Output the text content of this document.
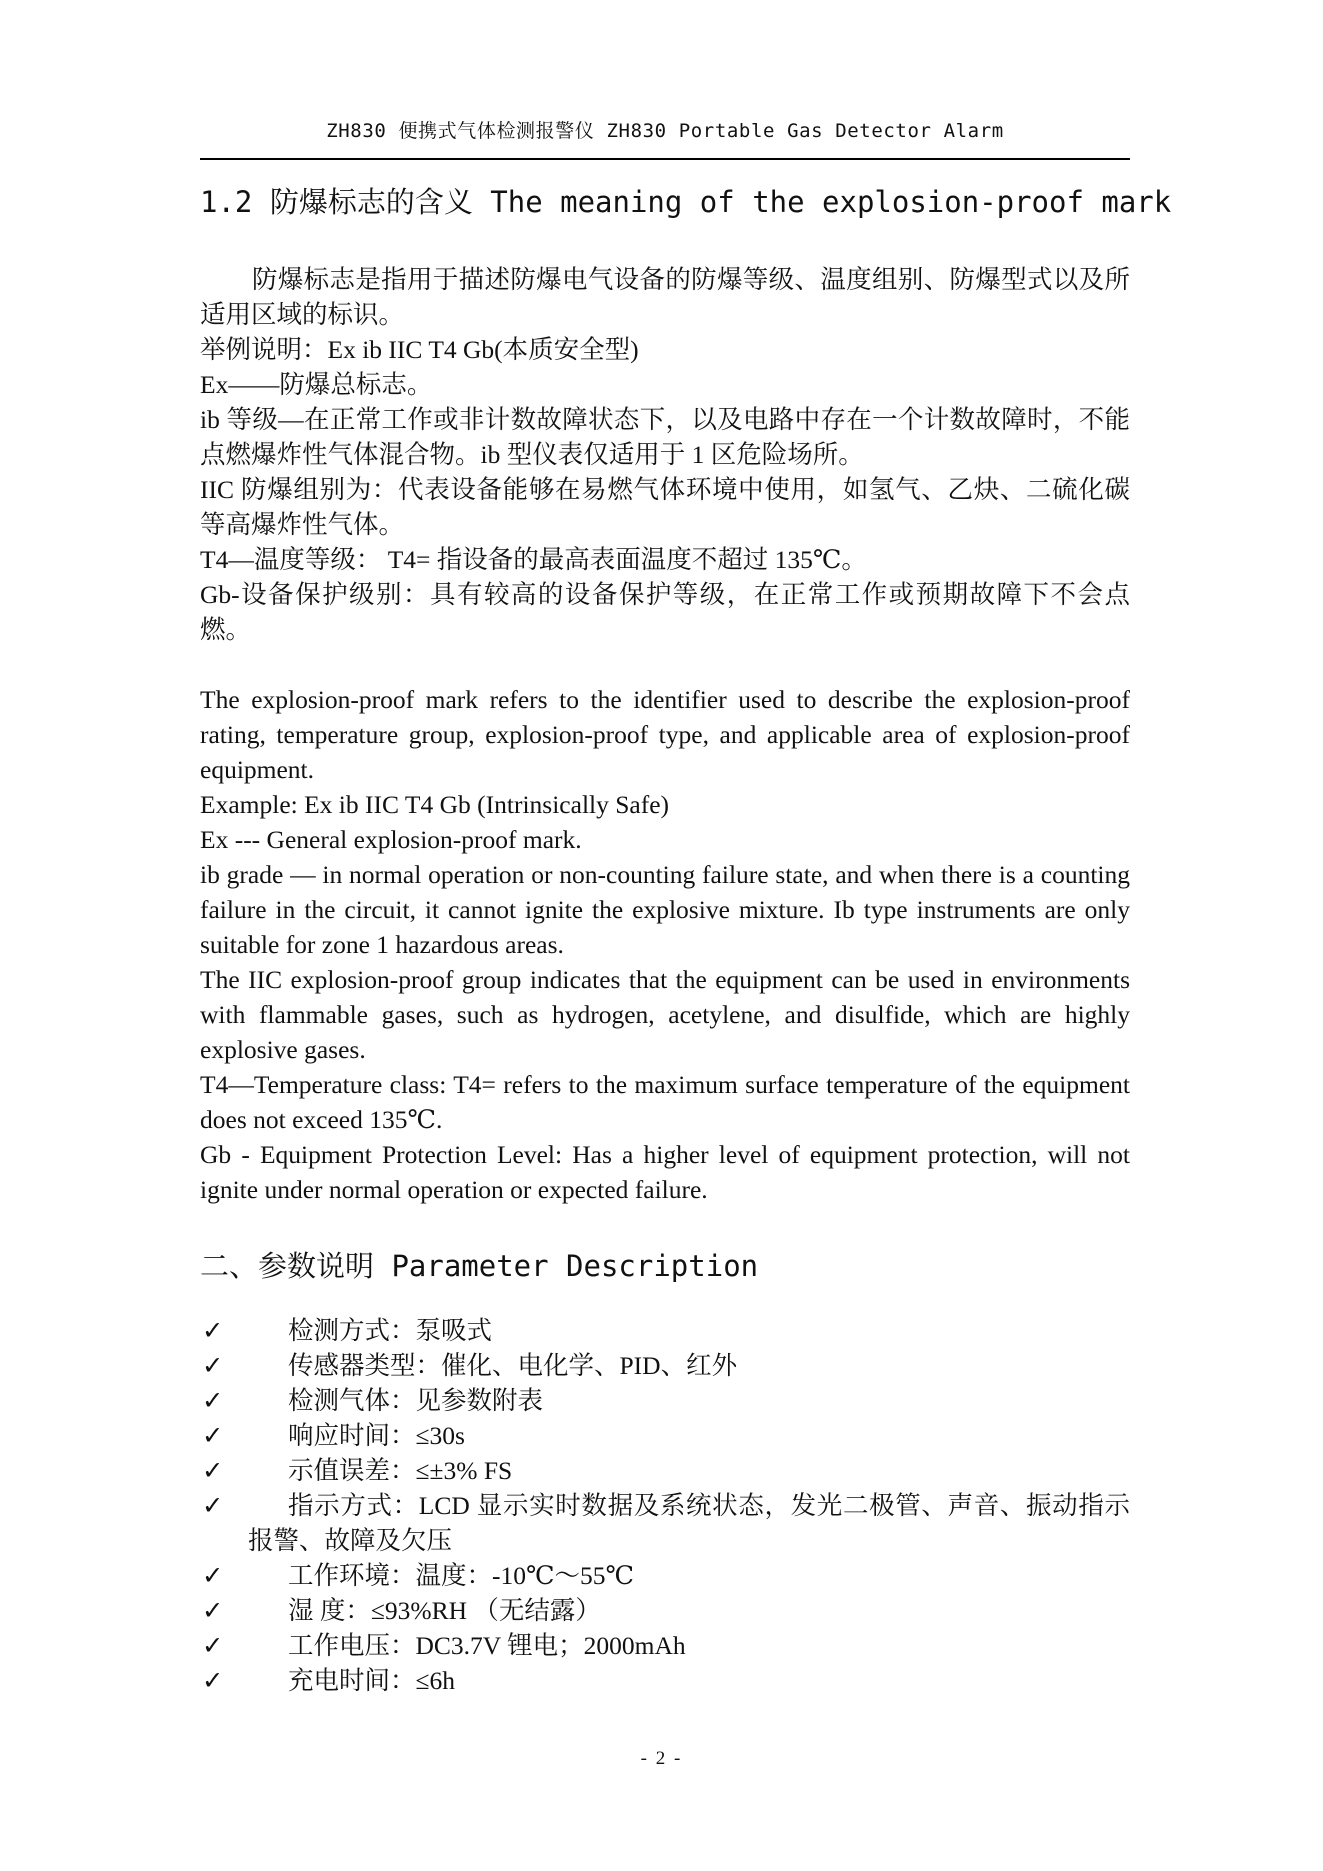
ZH830 便携式气体检测报警仪 ZH830 Portable Gas Detector Alarm
1.2 防爆标志的含义 The meaning of the explosion-proof mark

防爆标志是指用于描述防爆电气设备的防爆等级、温度组别、防爆型式以及所适用区域的标识。

举例说明：Ex ib IIC T4 Gb(本质安全型)

Ex——防爆总标志。

ib 等级—在正常工作或非计数故障状态下，以及电路中存在一个计数故障时，不能点燃爆炸性气体混合物。ib 型仪表仅适用于 1 区危险场所。

IIC 防爆组别为：代表设备能够在易燃气体环境中使用，如氢气、乙炔、二硫化碳等高爆炸性气体。

T4—温度等级： T4= 指设备的最高表面温度不超过 135℃。

Gb-设备保护级别：具有较高的设备保护等级，在正常工作或预期故障下不会点燃。

The explosion-proof mark refers to the identifier used to describe the explosion-proof rating, temperature group, explosion-proof type, and applicable area of explosion-proof equipment.

Example: Ex ib IIC T4 Gb (Intrinsically Safe)

Ex --- General explosion-proof mark.

ib grade — in normal operation or non-counting failure state, and when there is a counting failure in the circuit, it cannot ignite the explosive mixture. Ib type instruments are only suitable for zone 1 hazardous areas.

The IIC explosion-proof group indicates that the equipment can be used in environments with flammable gases, such as hydrogen, acetylene, and disulfide, which are highly explosive gases.

T4—Temperature class: T4= refers to the maximum surface temperature of the equipment does not exceed 135℃.

Gb - Equipment Protection Level: Has a higher level of equipment protection, will not ignite under normal operation or expected failure.

二、参数说明 Parameter Description
✓	检测方式：泵吸式
✓	传感器类型：催化、电化学、PID、红外
✓	检测气体：见参数附表
✓	响应时间：≤30s
✓	示值误差：≤±3% FS
✓	指示方式：LCD 显示实时数据及系统状态，发光二极管、声音、振动指示报警、故障及欠压
✓	工作环境：温度：-10℃～55℃
✓	湿 度：≤93%RH （无结露）
✓	工作电压：DC3.7V 锂电；2000mAh
✓	充电时间：≤6h
- 2 -
